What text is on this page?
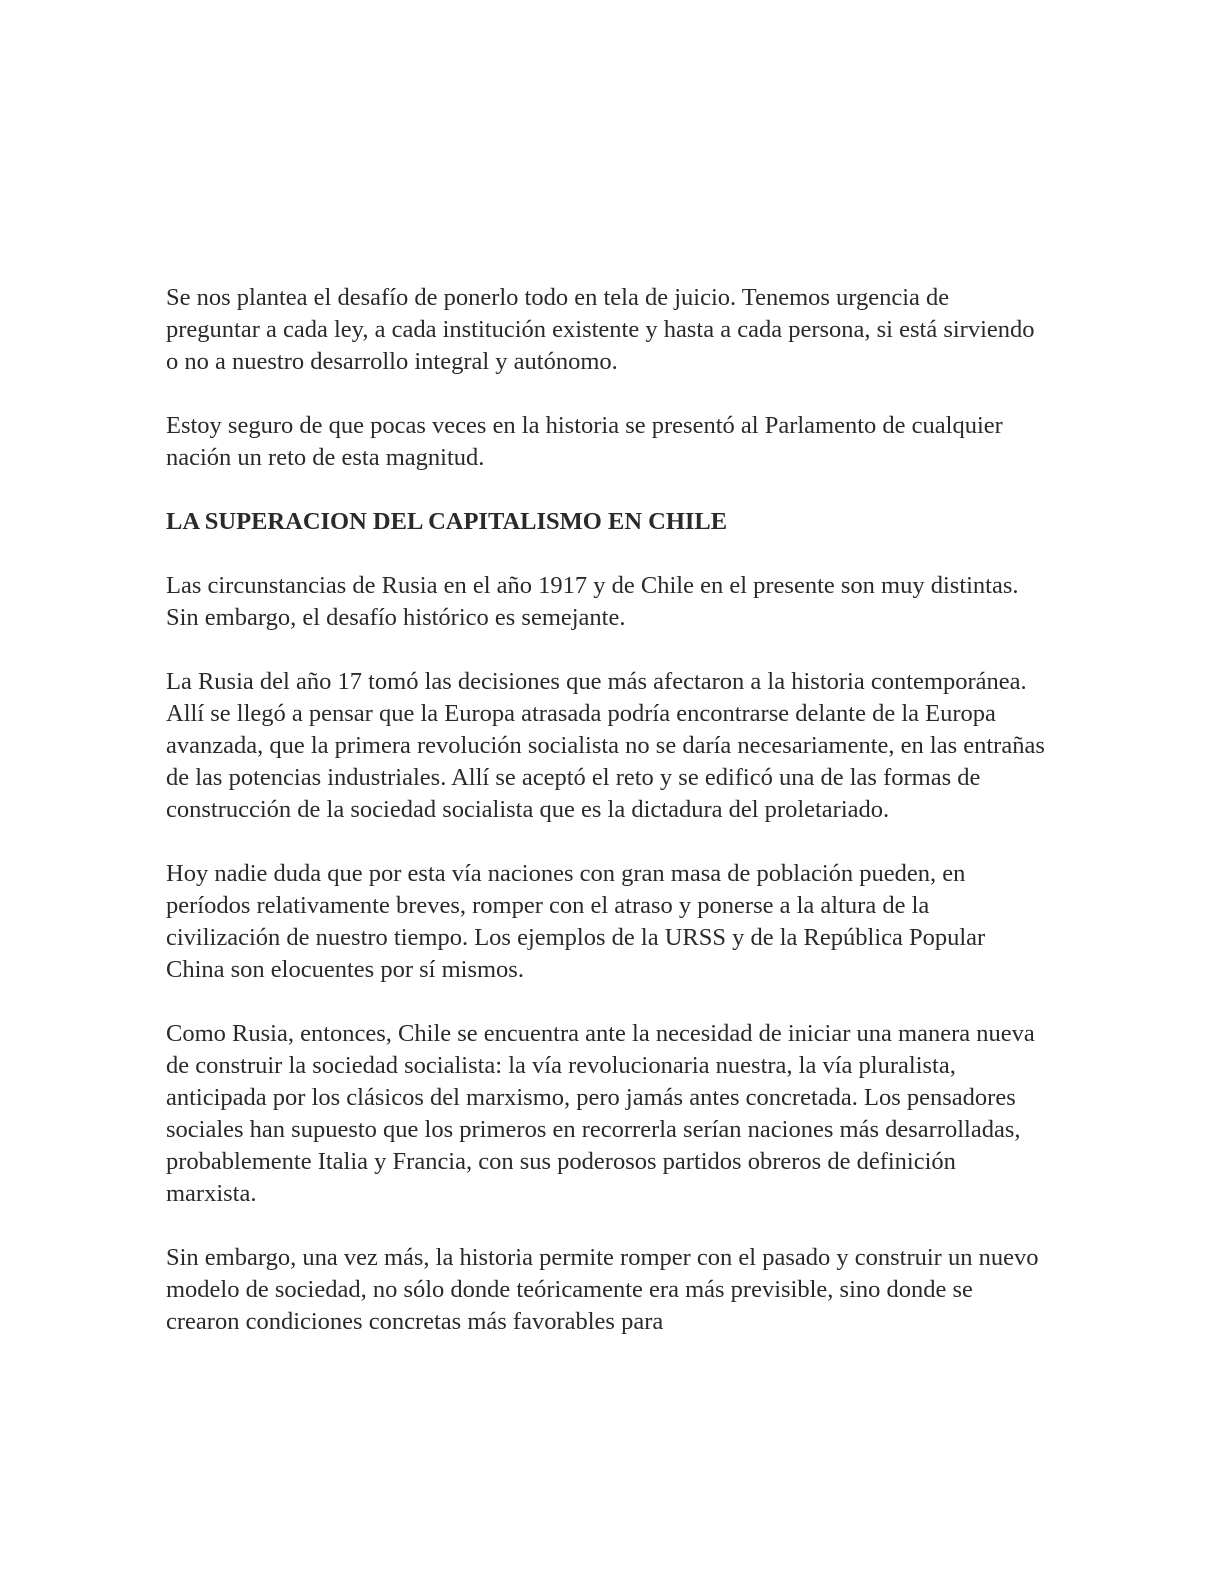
Se nos plantea el desafío de ponerlo todo en tela de juicio. Tenemos urgencia de preguntar a cada ley, a cada institución existente y hasta a cada persona, si está sirviendo o no a nuestro desarrollo integral y autónomo.

Estoy seguro de que pocas veces en la historia se presentó al Parlamento de cualquier nación un reto de esta magnitud.

LA SUPERACION DEL CAPITALISMO EN CHILE

Las circunstancias de Rusia en el año 1917 y de Chile en el presente son muy distintas. Sin embargo, el desafío histórico es semejante.

La Rusia del año 17 tomó las decisiones que más afectaron a la historia contemporánea. Allí se llegó a pensar que la Europa atrasada podría encontrarse delante de la Europa avanzada, que la primera revolución socialista no se daría necesariamente, en las entrañas de las potencias industriales. Allí se aceptó el reto y se edificó una de las formas de construcción de la sociedad socialista que es la dictadura del proletariado.

Hoy nadie duda que por esta vía naciones con gran masa de población pueden, en períodos relativamente breves, romper con el atraso y ponerse a la altura de la civilización de nuestro tiempo. Los ejemplos de la URSS y de la República Popular China son elocuentes por sí mismos.

Como Rusia, entonces, Chile se encuentra ante la necesidad de iniciar una manera nueva de construir la sociedad socialista: la vía revolucionaria nuestra, la vía pluralista, anticipada por los clásicos del marxismo, pero jamás antes concretada. Los pensadores sociales han supuesto que los primeros en recorrerla serían naciones más desarrolladas, probablemente Italia y Francia, con sus poderosos partidos obreros de definición marxista.

Sin embargo, una vez más, la historia permite romper con el pasado y construir un nuevo modelo de sociedad, no sólo donde teóricamente era más previsible, sino donde se crearon condiciones concretas más favorables para
